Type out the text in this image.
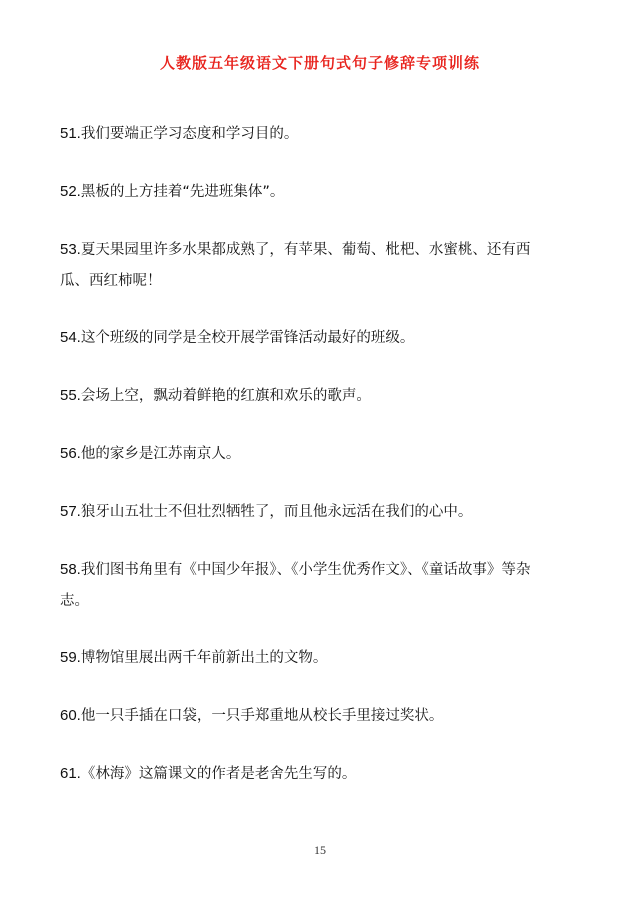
人教版五年级语文下册句式句子修辞专项训练
51.我们要端正学习态度和学习目的。
52.黑板的上方挂着“先进班集体”。
53.夏天果园里许多水果都成熟了，有苹果、葡萄、枇杷、水蜜桃、还有西瓜、西红柿呢！
54.这个班级的同学是全校开展学雷锋活动最好的班级。
55.会场上空，飘动着鲜艳的红旗和欢乐的歌声。
56.他的家乡是江苏南京人。
57.狼牙山五壮士不但壮烈牺牲了，而且他永远活在我们的心中。
58.我们图书角里有《中国少年报》、《小学生优秀作文》、《童话故事》等杂志。
59.博物馆里展出两千年前新出土的文物。
60.他一只手插在口袋，一只手郑重地从校长手里接过奖状。
61.《林海》这篇课文的作者是老舍先生写的。
15
